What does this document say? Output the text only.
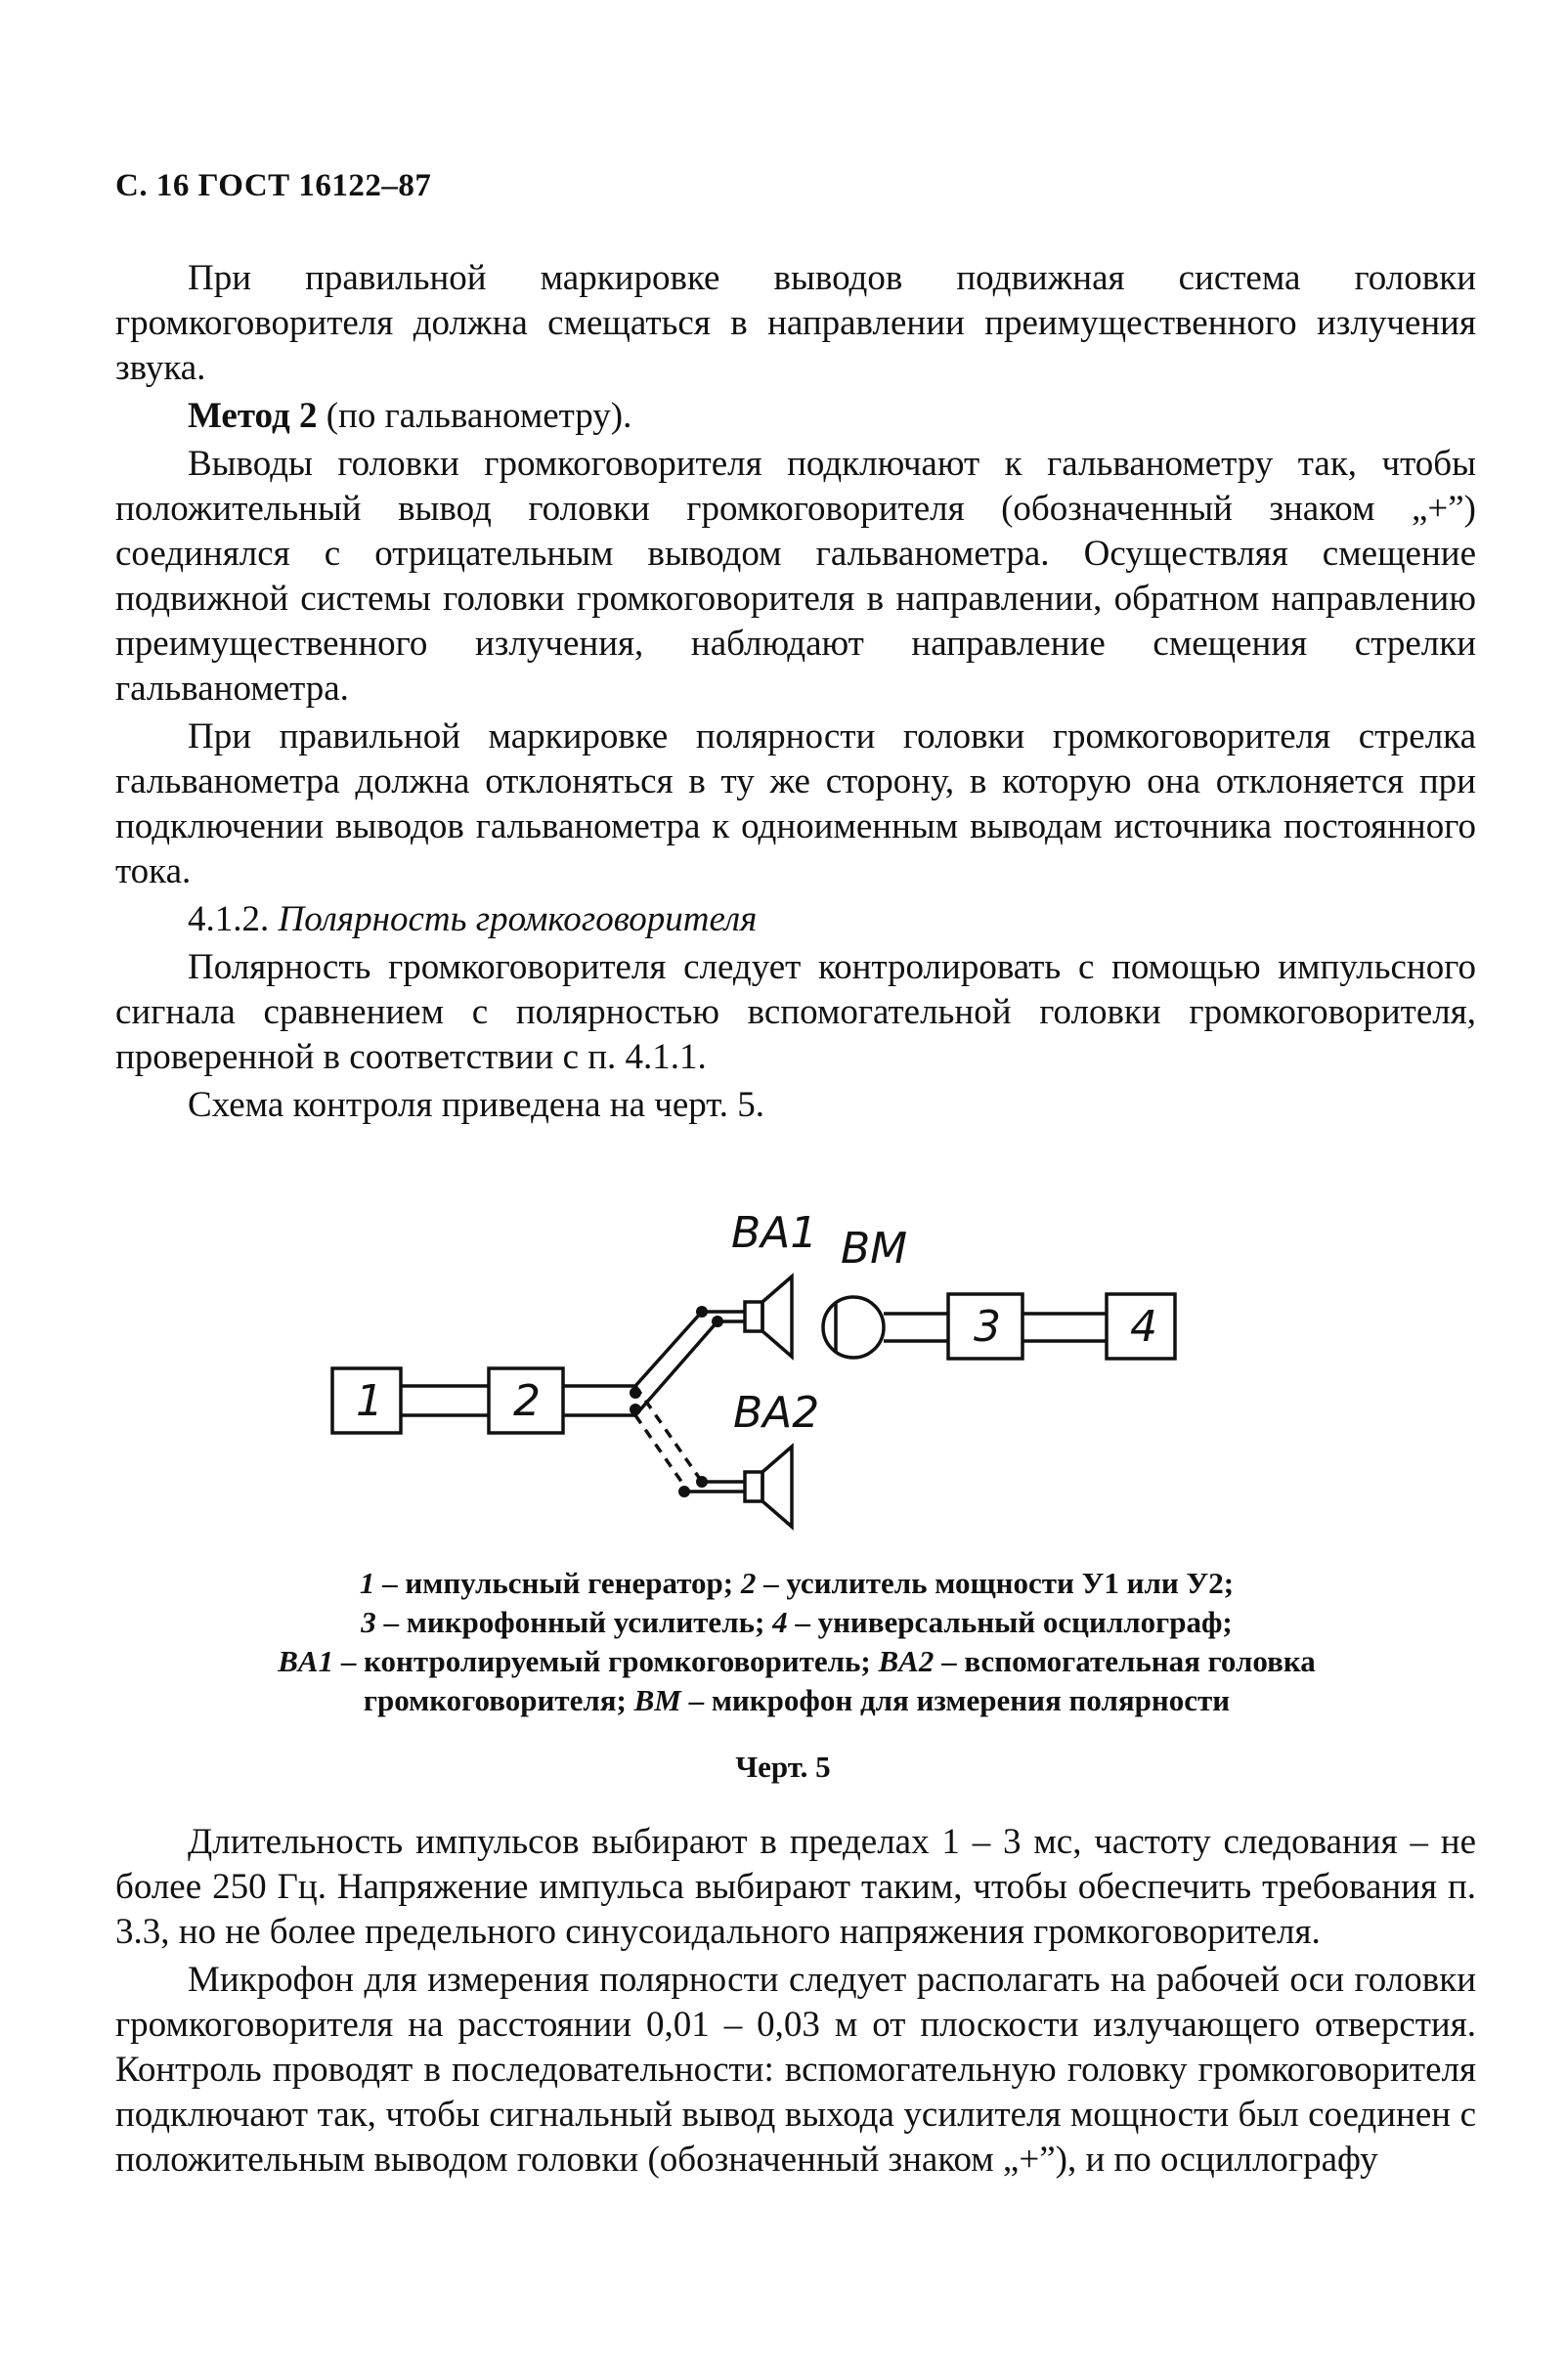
С. 16 ГОСТ 16122–87

При правильной маркировке выводов подвижная система головки громкоговорителя должна смещаться в направлении преимущественного излучения звука.

Метод 2 (по гальванометру).

Выводы головки громкоговорителя подключают к гальванометру так, чтобы положительный вывод головки громкоговорителя (обозначенный знаком „+”) соединялся с отрицательным выводом гальванометра. Осуществляя смещение подвижной системы головки громкоговорителя в направлении, обратном направлению преимущественного излучения, наблюдают направление смещения стрелки гальванометра.

При правильной маркировке полярности головки громкоговорителя стрелка гальванометра должна отклоняться в ту же сторону, в которую она отклоняется при подключении выводов гальванометра к одноименным выводам источника постоянного тока.

4.1.2. Полярность громкоговорителя

Полярность громкоговорителя следует контролировать с помощью импульсного сигнала сравнением с полярностью вспомогательной головки громкоговорителя, проверенной в соответствии с п. 4.1.1.

Схема контроля приведена на черт. 5.

1	2
3	4
BA1 BM
BA2
1 – импульсный генератор; 2 – усилитель мощности У1 или У2;
3 – микрофонный усилитель; 4 – универсальный осциллограф;
BA1 – контролируемый громкоговоритель; BA2 – вспомогательная головка
громкоговорителя; BM – микрофон для измерения полярности
Черт. 5

Длительность импульсов выбирают в пределах 1 – 3 мс, частоту следования – не более 250 Гц. Напряжение импульса выбирают таким, чтобы обеспечить требования п. 3.3, но не более предельного синусоидального напряжения громкоговорителя.

Микрофон для измерения полярности следует располагать на рабочей оси головки громкоговорителя на расстоянии 0,01 – 0,03 м от плоскости излучающего отверстия. Контроль проводят в последовательности: вспомогательную головку громкоговорителя подключают так, чтобы сигнальный вывод выхода усилителя мощности был соединен с положительным выводом головки (обозначенный знаком „+”), и по осциллографу
